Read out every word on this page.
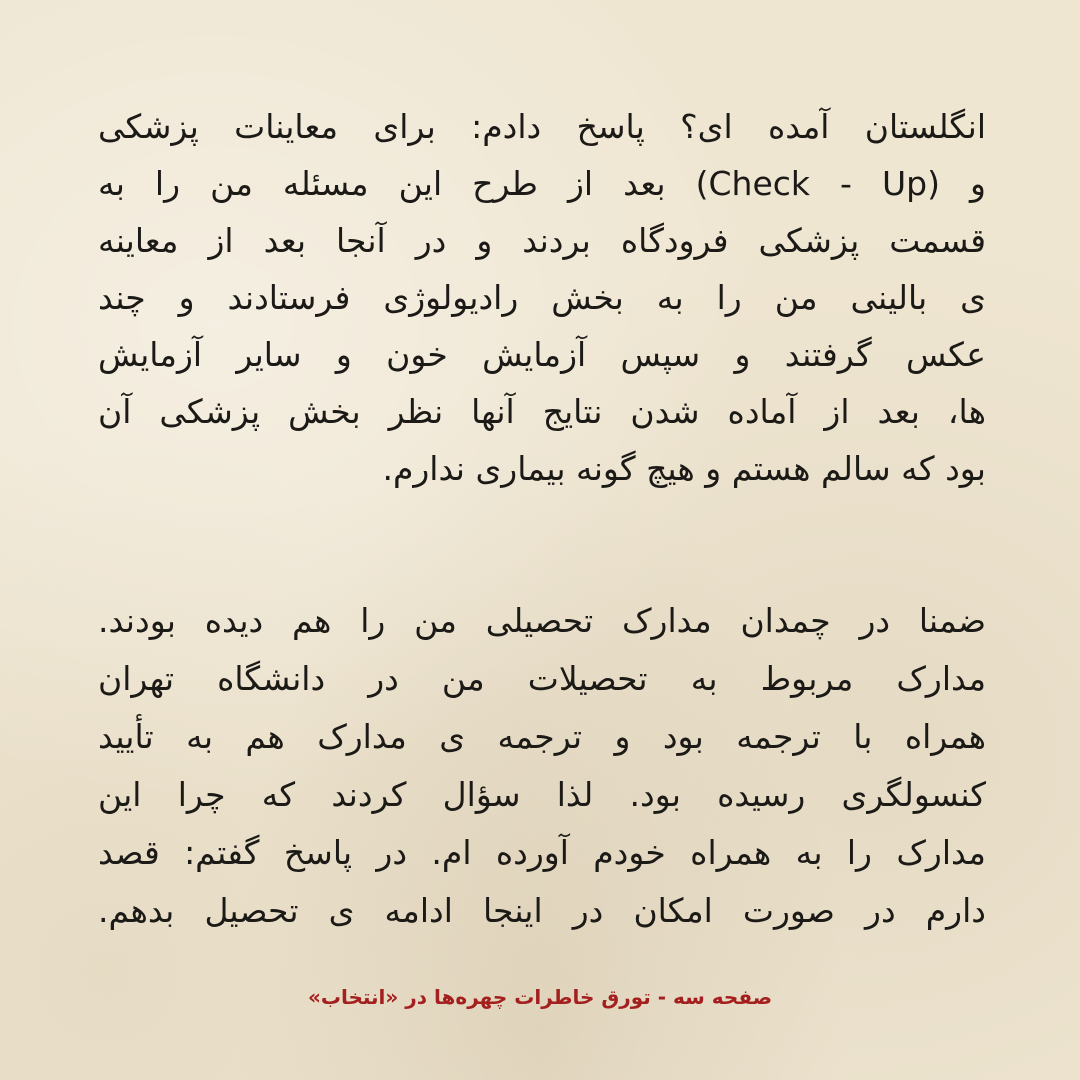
انگلستان آمده ای؟ پاسخ دادم: برای معاینات پزشکی
و (Check - Up) بعد از طرح این مسئله من را به
قسمت پزشکی فرودگاه بردند و در آنجا بعد از معاینه
ی بالینی من را به بخش رادیولوژی فرستادند و چند
عکس گرفتند و سپس آزمایش خون و سایر آزمایش
ها، بعد از آماده شدن نتایج آنها نظر بخش پزشکی آن
بود که سالم هستم و هیچ گونه بیماری ندارم.
ضمنا در چمدان مدارک تحصیلی من را هم دیده بودند.
مدارک مربوط به تحصیلات من در دانشگاه تهران
همراه با ترجمه بود و ترجمه ی مدارک هم به تأیید
کنسولگری رسیده بود. لذا سؤال کردند که چرا این
مدارک را به همراه خودم آورده ام. در پاسخ گفتم: قصد
دارم در صورت امکان در اینجا ادامه ی تحصیل بدهم.
صفحه سه - تورق خاطرات چهره‌ها در «انتخاب»
